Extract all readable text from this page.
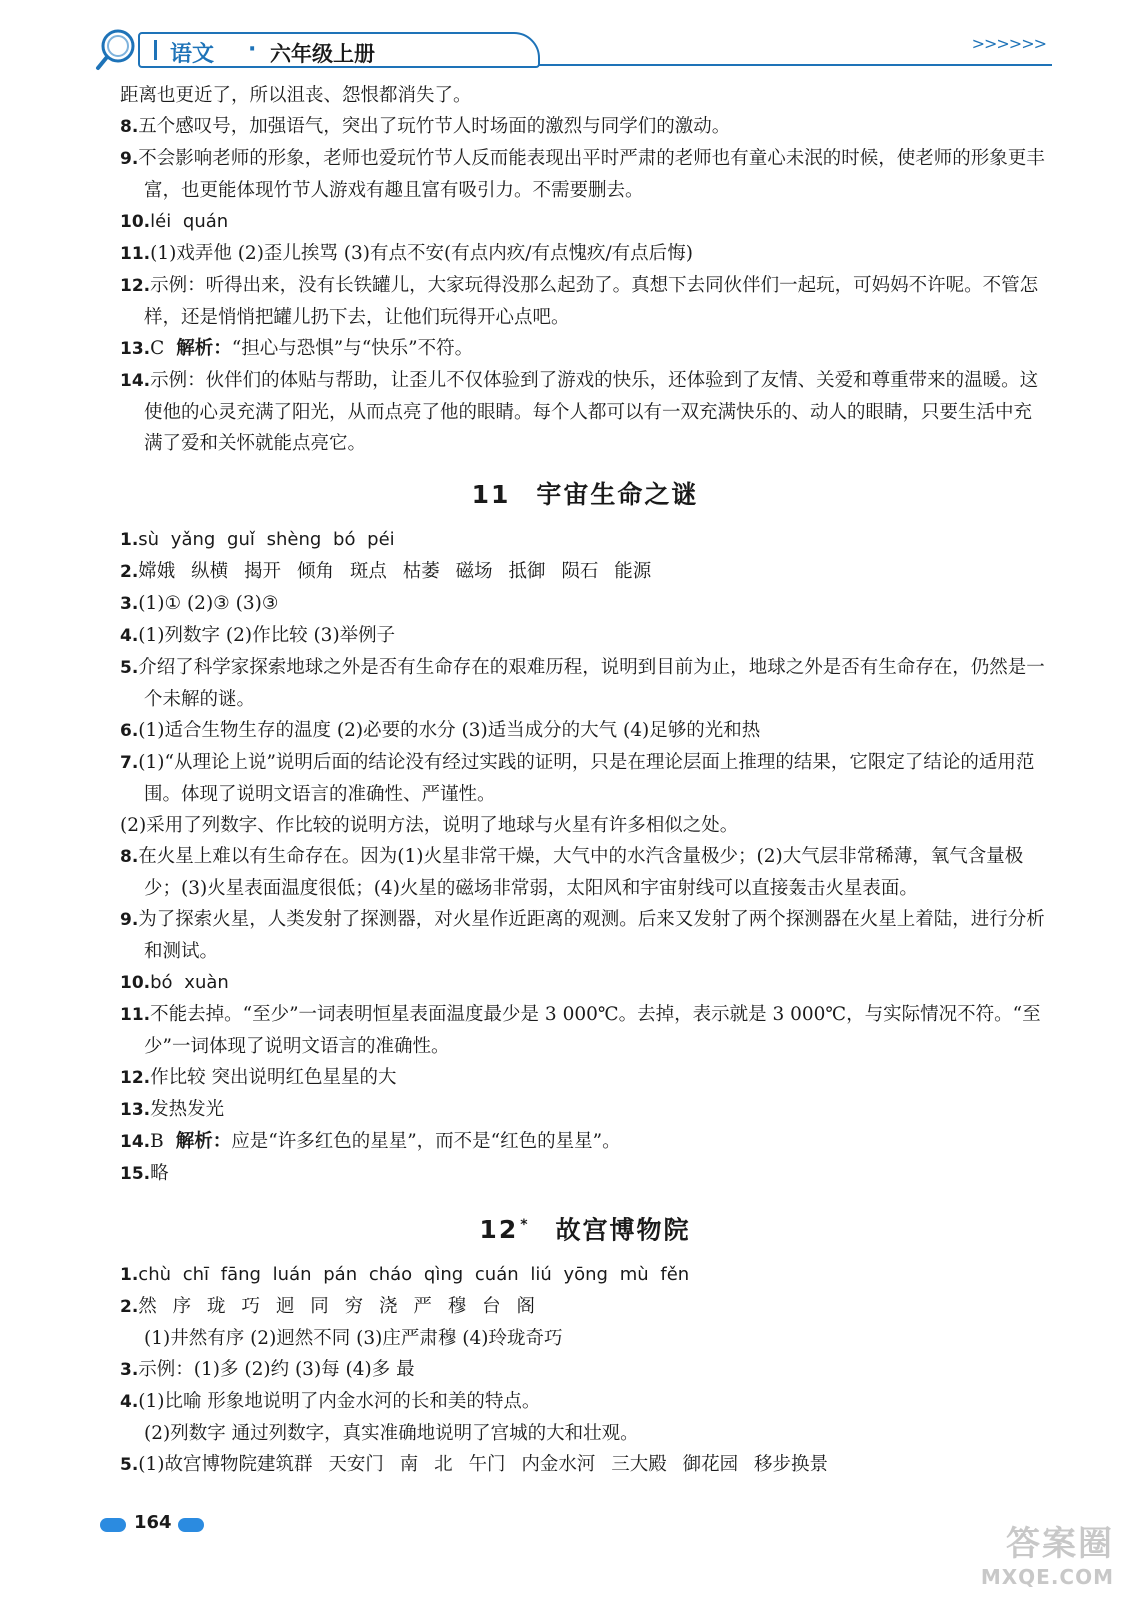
语文 · 六年级上册	>>>>>>

距离也更近了，所以沮丧、怨恨都消失了。

8.五个感叹号，加强语气，突出了玩竹节人时场面的激烈与同学们的激动。

9.不会影响老师的形象，老师也爱玩竹节人反而能表现出平时严肃的老师也有童心未泯的时候，使老师的形象更丰富，也更能体现竹节人游戏有趣且富有吸引力。不需要删去。

10.léi quán

11.(1)戏弄他 (2)歪儿挨骂 (3)有点不安(有点内疚/有点愧疚/有点后悔)

12.示例：听得出来，没有长铁罐儿，大家玩得没那么起劲了。真想下去同伙伴们一起玩，可妈妈不许呢。不管怎样，还是悄悄把罐儿扔下去，让他们玩得开心点吧。

13.C 解析：“担心与恐惧”与“快乐”不符。

14.示例：伙伴们的体贴与帮助，让歪儿不仅体验到了游戏的快乐，还体验到了友情、关爱和尊重带来的温暖。这使他的心灵充满了阳光，从而点亮了他的眼睛。每个人都可以有一双充满快乐的、动人的眼睛，只要生活中充满了爱和关怀就能点亮它。

11 宇宙生命之谜

1.sù yǎng guǐ shèng bó péi

2.嫦娥 纵横 揭开 倾角 斑点 枯萎 磁场 抵御 陨石 能源

3.(1)① (2)③ (3)③

4.(1)列数字 (2)作比较 (3)举例子

5.介绍了科学家探索地球之外是否有生命存在的艰难历程，说明到目前为止，地球之外是否有生命存在，仍然是一个未解的谜。

6.(1)适合生物生存的温度 (2)必要的水分 (3)适当成分的大气 (4)足够的光和热

7.(1)“从理论上说”说明后面的结论没有经过实践的证明，只是在理论层面上推理的结果，它限定了结论的适用范围。体现了说明文语言的准确性、严谨性。

(2)采用了列数字、作比较的说明方法，说明了地球与火星有许多相似之处。

8.在火星上难以有生命存在。因为(1)火星非常干燥，大气中的水汽含量极少；(2)大气层非常稀薄，氧气含量极少；(3)火星表面温度很低；(4)火星的磁场非常弱，太阳风和宇宙射线可以直接轰击火星表面。

9.为了探索火星，人类发射了探测器，对火星作近距离的观测。后来又发射了两个探测器在火星上着陆，进行分析和测试。

10.bó xuàn

11.不能去掉。“至少”一词表明恒星表面温度最少是 3 000℃。去掉，表示就是 3 000℃，与实际情况不符。“至少”一词体现了说明文语言的准确性。

12.作比较 突出说明红色星星的大

13.发热发光

14.B 解析：应是“许多红色的星星”，而不是“红色的星星”。

15.略

12 * 故宫博物院

1.chù chī fāng luán pán cháo qìng cuán liú yōng mù fěn

2.然 序 珑 巧 迥 同 穷 浇 严 穆 台 阁

(1)井然有序 (2)迥然不同 (3)庄严肃穆 (4)玲珑奇巧

3.示例：(1)多 (2)约 (3)每 (4)多 最

4.(1)比喻 形象地说明了内金水河的长和美的特点。

(2)列数字 通过列数字，真实准确地说明了宫城的大和壮观。

5.(1)故宫博物院建筑群 天安门 南 北 午门 内金水河 三大殿 御花园 移步换景

164
答案圈
MXQE.COM
